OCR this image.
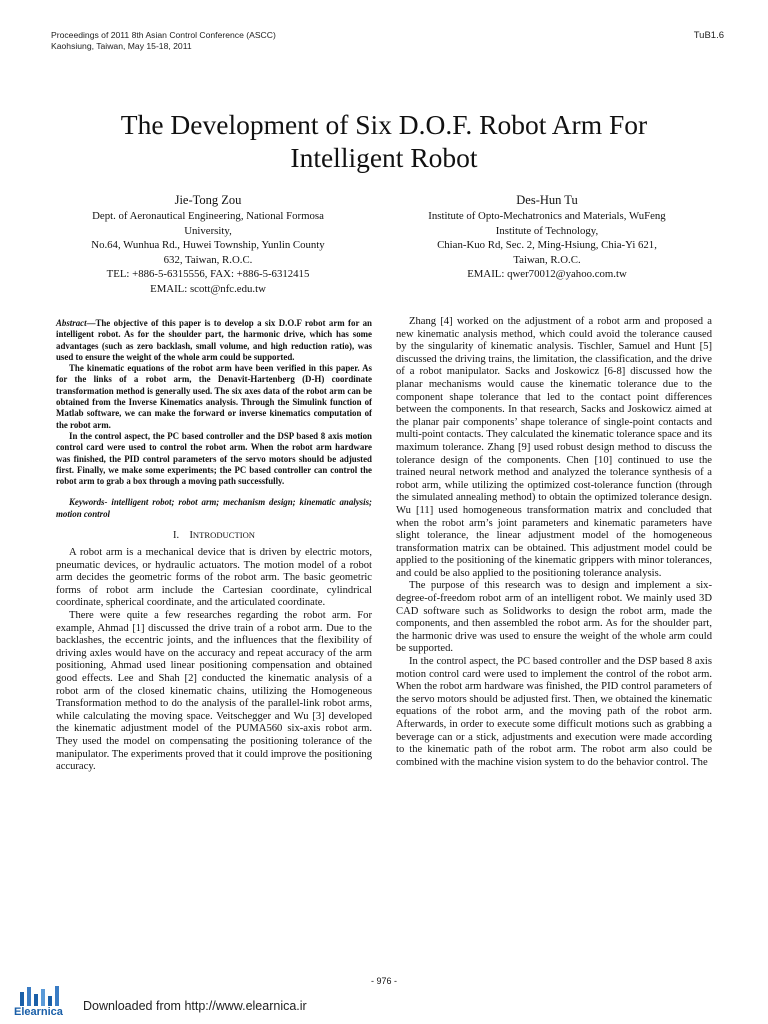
Proceedings of 2011 8th Asian Control Conference (ASCC)
Kaohsiung, Taiwan, May 15-18, 2011
TuB1.6
The Development of Six D.O.F. Robot Arm For
Intelligent Robot
Jie-Tong Zou
Dept. of Aeronautical Engineering, National Formosa
University,
No.64, Wunhua Rd., Huwei Township, Yunlin County
632, Taiwan, R.O.C.
TEL: +886-5-6315556, FAX: +886-5-6312415
EMAIL: scott@nfc.edu.tw
Des-Hun Tu
Institute of Opto-Mechatronics and Materials, WuFeng
Institute of Technology,
Chian-Kuo Rd, Sec. 2, Ming-Hsiung, Chia-Yi 621,
Taiwan, R.O.C.
EMAIL: qwer70012@yahoo.com.tw

Abstract—The objective of this paper is to develop a six D.O.F robot arm for an intelligent robot. As for the shoulder part, the harmonic drive, which has some advantages (such as zero backlash, small volume, and high reduction ratio), was used to ensure the weight of the whole arm could be supported.

The kinematic equations of the robot arm have been verified in this paper. As for the links of a robot arm, the Denavit-Hartenberg (D-H) coordinate transformation method is generally used. The six axes data of the robot arm can be obtained from the Inverse Kinematics analysis. Through the Simulink function of Matlab software, we can make the forward or inverse kinematics computation of the robot arm.

In the control aspect, the PC based controller and the DSP based 8 axis motion control card were used to control the robot arm. When the robot arm hardware was finished, the PID control parameters of the servo motors should be adjusted first. Finally, we make some experiments; the PC based controller can control the robot arm to grab a box through a moving path successfully.

Keywords- intelligent robot; robot arm; mechanism design; kinematic analysis; motion control
I. INTRODUCTION

A robot arm is a mechanical device that is driven by electric motors, pneumatic devices, or hydraulic actuators. The motion model of a robot arm decides the geometric forms of the robot arm. The basic geometric forms of robot arm include the Cartesian coordinate, cylindrical coordinate, spherical coordinate, and the articulated coordinate.

There were quite a few researches regarding the robot arm. For example, Ahmad [1] discussed the drive train of a robot arm. Due to the backlashes, the eccentric joints, and the influences that the flexibility of driving axles would have on the accuracy and repeat accuracy of the arm positioning, Ahmad used linear positioning compensation and obtained good effects. Lee and Shah [2] conducted the kinematic analysis of a robot arm of the closed kinematic chains, utilizing the Homogeneous Transformation method to do the analysis of the parallel-link robot arms, while calculating the moving space. Veitschegger and Wu [3] developed the kinematic adjustment model of the PUMA560 six-axis robot arm. They used the model on compensating the positioning tolerance of the manipulator. The experiments proved that it could improve the positioning accuracy.

Zhang [4] worked on the adjustment of a robot arm and proposed a new kinematic analysis method, which could avoid the tolerance caused by the singularity of kinematic analysis. Tischler, Samuel and Hunt [5] discussed the driving trains, the limitation, the classification, and the drive of a robot manipulator. Sacks and Joskowicz [6-8] discussed how the planar mechanisms would cause the kinematic tolerance due to the component shape tolerance that led to the contact point differences between the components. In that research, Sacks and Joskowicz aimed at the planar pair components’ shape tolerance of single-point contacts and multi-point contacts. They calculated the kinematic tolerance space and its maximum tolerance. Zhang [9] used robust design method to discuss the tolerance design of the components. Chen [10] continued to use the trained neural network method and analyzed the tolerance synthesis of a robot arm, while utilizing the optimized cost-tolerance function (through the simulated annealing method) to obtain the optimized tolerance design. Wu [11] used homogeneous transformation matrix and concluded that when the robot arm’s joint parameters and kinematic parameters have slight tolerance, the linear adjustment model of the homogeneous transformation matrix can be obtained. This adjustment model could be applied to the positioning of the kinematic grippers with minor tolerances, and could be also applied to the positioning tolerance analysis.

The purpose of this research was to design and implement a six-degree-of-freedom robot arm of an intelligent robot. We mainly used 3D CAD software such as Solidworks to design the robot arm, made the components, and then assembled the robot arm. As for the shoulder part, the harmonic drive was used to ensure the weight of the whole arm could be supported.

In the control aspect, the PC based controller and the DSP based 8 axis motion control card were used to implement the control of the robot arm. When the robot arm hardware was finished, the PID control parameters of the servo motors should be adjusted first. Then, we obtained the kinematic equations of the robot arm, and the moving path of the robot arm. Afterwards, in order to execute some difficult motions such as grabbing a beverage can or a stick, adjustments and execution were made according to the kinematic path of the robot arm. The robot arm also could be combined with the machine vision system to do the behavior control. The

- 976 -
Elearnica Downloaded from http://www.elearnica.ir
